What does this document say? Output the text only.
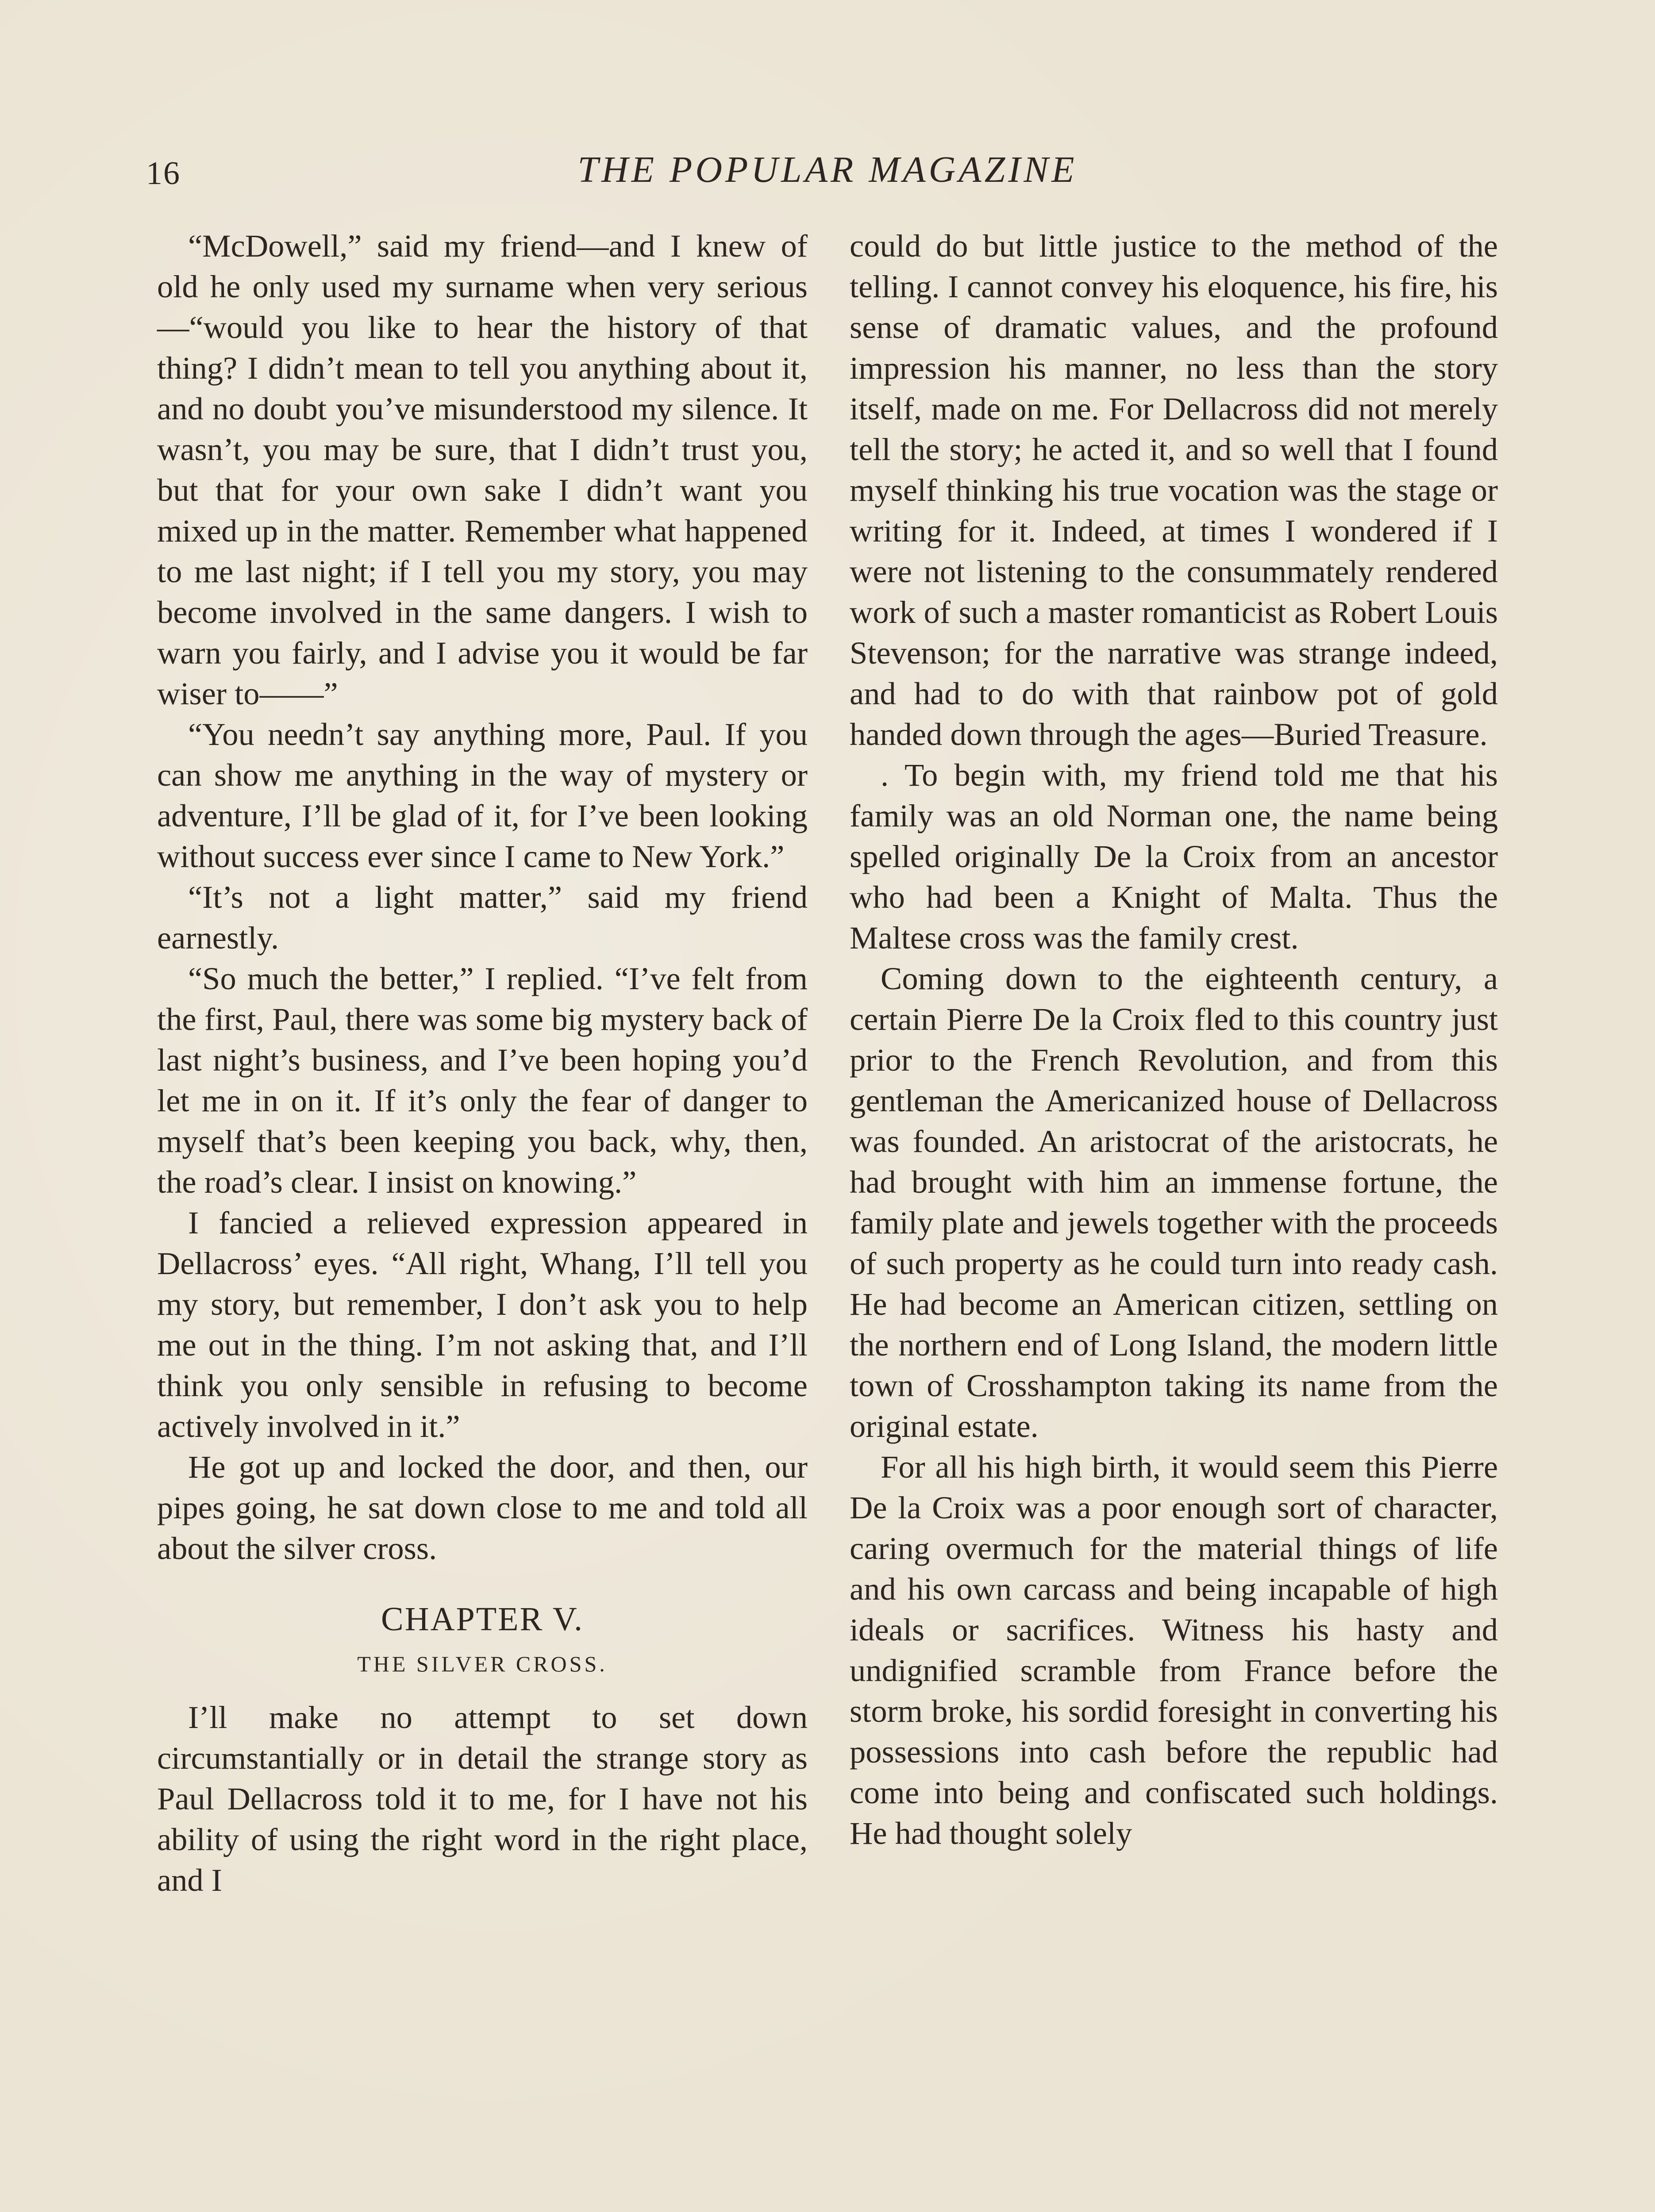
16	THE POPULAR MAGAZINE

“McDowell,” said my friend—and I knew of old he only used my surname when very serious—“would you like to hear the history of that thing? I didn’t mean to tell you anything about it, and no doubt you’ve misunderstood my silence. It wasn’t, you may be sure, that I didn’t trust you, but that for your own sake I didn’t want you mixed up in the matter. Remember what happened to me last night; if I tell you my story, you may become involved in the same dangers. I wish to warn you fairly, and I advise you it would be far wiser to——”

“You needn’t say anything more, Paul. If you can show me anything in the way of mystery or adventure, I’ll be glad of it, for I’ve been looking without success ever since I came to New York.”

“It’s not a light matter,” said my friend earnestly.

“So much the better,” I replied. “I’ve felt from the first, Paul, there was some big mystery back of last night’s business, and I’ve been hoping you’d let me in on it. If it’s only the fear of danger to myself that’s been keeping you back, why, then, the road’s clear. I insist on knowing.”

I fancied a relieved expression appeared in Dellacross’ eyes. “All right, Whang, I’ll tell you my story, but remember, I don’t ask you to help me out in the thing. I’m not asking that, and I’ll think you only sensible in refusing to become actively involved in it.”

He got up and locked the door, and then, our pipes going, he sat down close to me and told all about the silver cross.

CHAPTER V.
THE SILVER CROSS.

I’ll make no attempt to set down circumstantially or in detail the strange story as Paul Dellacross told it to me, for I have not his ability of using the right word in the right place, and I

could do but little justice to the method of the telling. I cannot convey his eloquence, his fire, his sense of dramatic values, and the profound impression his manner, no less than the story itself, made on me. For Dellacross did not merely tell the story; he acted it, and so well that I found myself thinking his true vocation was the stage or writing for it. Indeed, at times I wondered if I were not listening to the consummately rendered work of such a master romanticist as Robert Louis Stevenson; for the narrative was strange indeed, and had to do with that rainbow pot of gold handed down through the ages—Buried Treasure.

. To begin with, my friend told me that his family was an old Norman one, the name being spelled originally De la Croix from an ancestor who had been a Knight of Malta. Thus the Maltese cross was the family crest.

Coming down to the eighteenth century, a certain Pierre De la Croix fled to this country just prior to the French Revolution, and from this gentleman the Americanized house of Dellacross was founded. An aristocrat of the aristocrats, he had brought with him an immense fortune, the family plate and jewels together with the proceeds of such property as he could turn into ready cash. He had become an American citizen, settling on the northern end of Long Island, the modern little town of Crosshampton taking its name from the original estate.

For all his high birth, it would seem this Pierre De la Croix was a poor enough sort of character, caring overmuch for the material things of life and his own carcass and being incapable of high ideals or sacrifices. Witness his hasty and undignified scramble from France before the storm broke, his sordid foresight in converting his possessions into cash before the republic had come into being and confiscated such holdings. He had thought solely
